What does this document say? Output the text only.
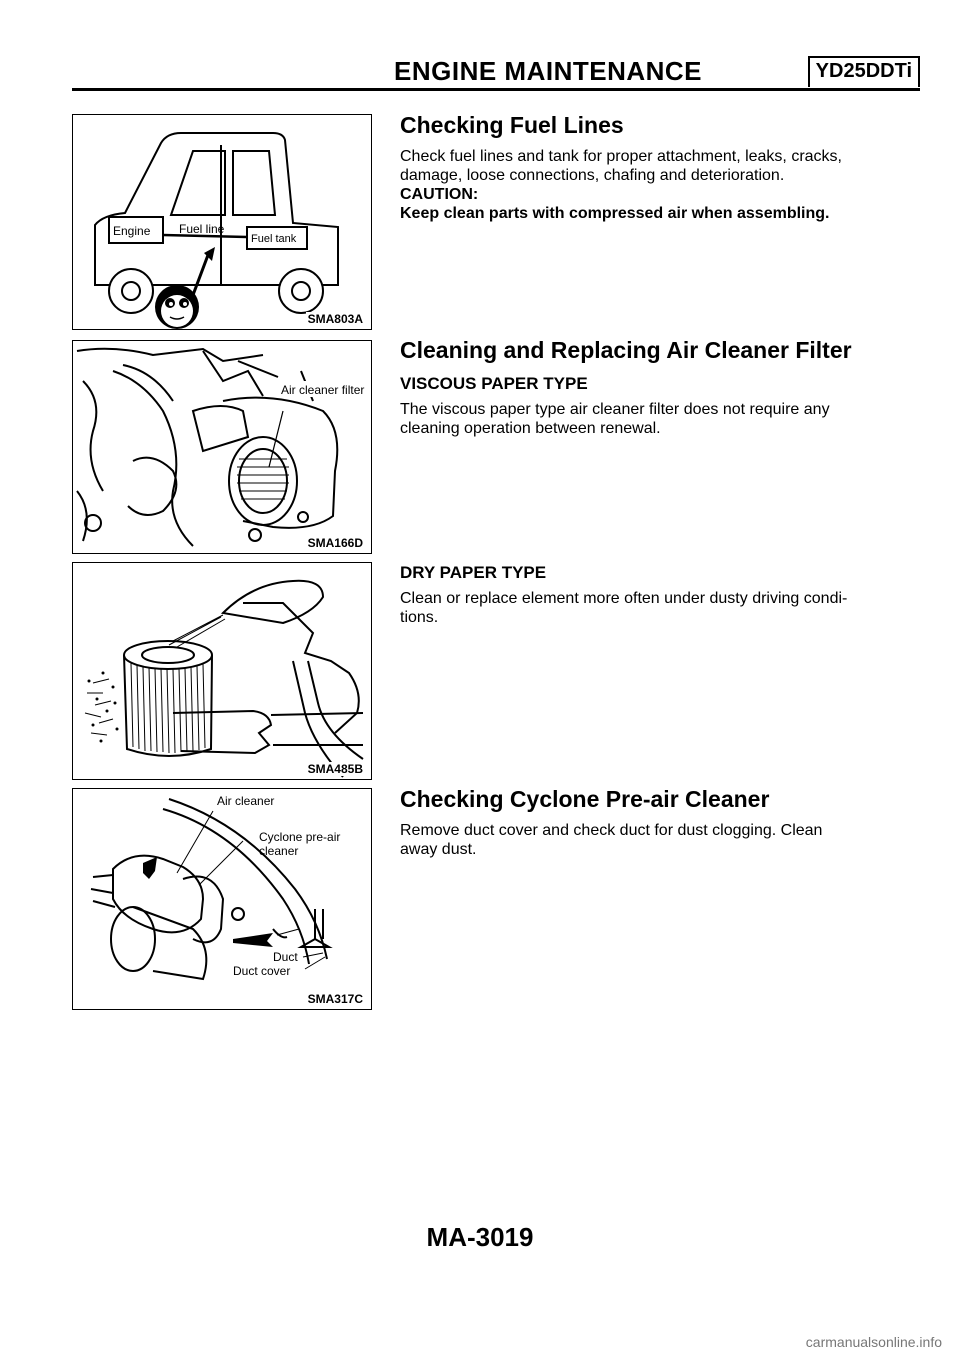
ENGINE MAINTENANCE	YD25DDTi
Engine Fuel line
Fuel tank
SMA803A
Air cleaner filter
SMA166D
SMA485B
Air cleaner
Cyclone pre-air
cleaner
Duct
Duct cover
SMA317C
Checking Fuel Lines
Check fuel lines and tank for proper attachment, leaks, cracks,
damage, loose connections, chafing and deterioration.
CAUTION:
Keep clean parts with compressed air when assembling.
Cleaning and Replacing Air Cleaner Filter
VISCOUS PAPER TYPE
The viscous paper type air cleaner filter does not require any
cleaning operation between renewal.
DRY PAPER TYPE
Clean or replace element more often under dusty driving condi-
tions.
Checking Cyclone Pre-air Cleaner
Remove duct cover and check duct for dust clogging. Clean
away dust.
MA-3019
carmanualsonline.info
